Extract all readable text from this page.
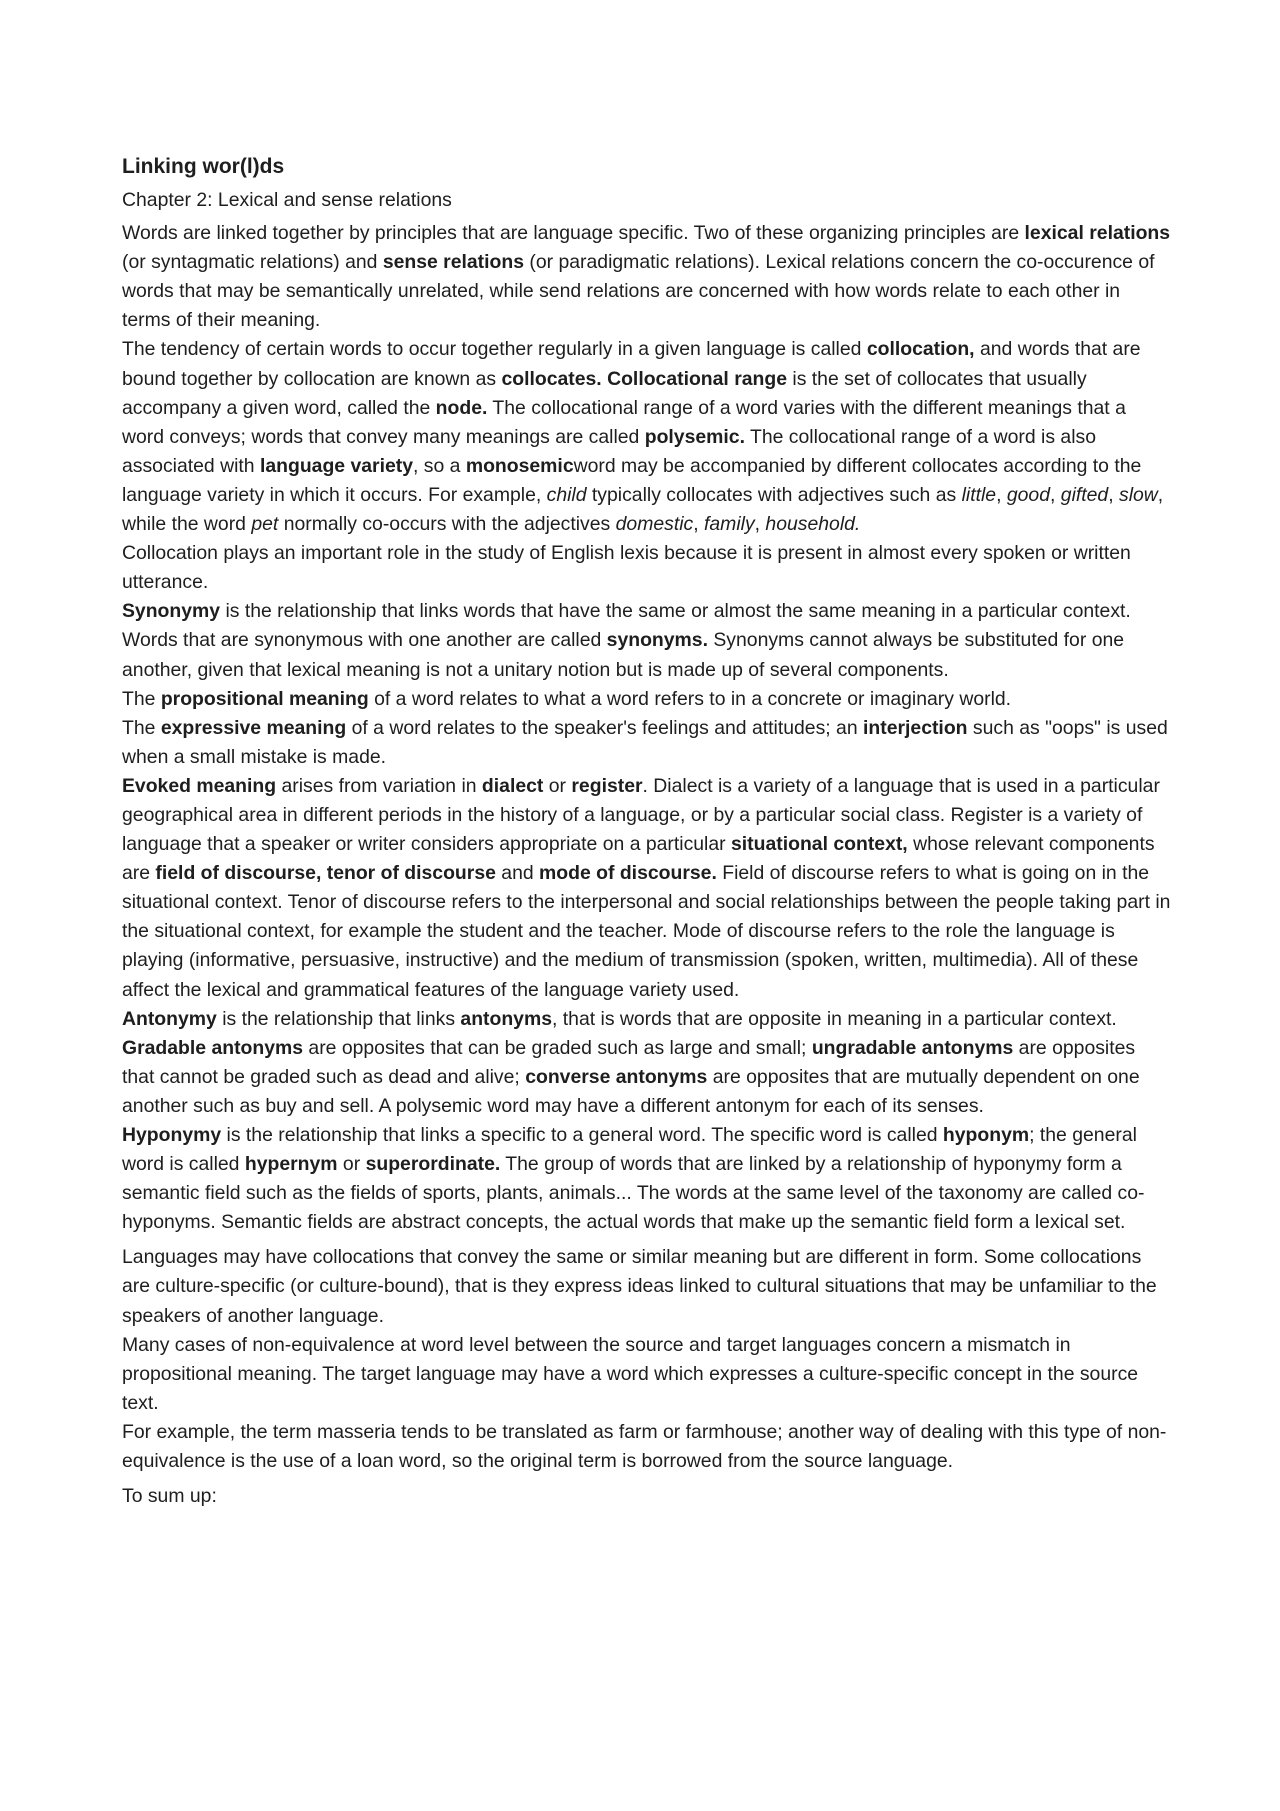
Linking wor(l)ds
Chapter 2: Lexical and sense relations

Words are linked together by principles that are language specific. Two of these organizing principles are lexical relations (or syntagmatic relations) and sense relations (or paradigmatic relations). Lexical relations concern the co-occurence of words that may be semantically unrelated, while send relations are concerned with how words relate to each other in terms of their meaning.

The tendency of certain words to occur together regularly in a given language is called collocation, and words that are bound together by collocation are known as collocates. Collocational range is the set of collocates that usually accompany a given word, called the node. The collocational range of a word varies with the different meanings that a word conveys; words that convey many meanings are called polysemic. The collocational range of a word is also associated with language variety, so a monosemicword may be accompanied by different collocates according to the language variety in which it occurs. For example, child typically collocates with adjectives such as little, good, gifted, slow, while the word pet normally co-occurs with the adjectives domestic, family, household.

Collocation plays an important role in the study of English lexis because it is present in almost every spoken or written utterance.

Synonymy is the relationship that links words that have the same or almost the same meaning in a particular context. Words that are synonymous with one another are called synonyms. Synonyms cannot always be substituted for one another, given that lexical meaning is not a unitary notion but is made up of several components.

The propositional meaning of a word relates to what a word refers to in a concrete or imaginary world.

The expressive meaning of a word relates to the speaker's feelings and attitudes; an interjection such as "oops" is used when a small mistake is made.

Evoked meaning arises from variation in dialect or register. Dialect is a variety of a language that is used in a particular geographical area in different periods in the history of a language, or by a particular social class. Register is a variety of language that a speaker or writer considers appropriate on a particular situational context, whose relevant components are field of discourse, tenor of discourse and mode of discourse. Field of discourse refers to what is going on in the situational context. Tenor of discourse refers to the interpersonal and social relationships between the people taking part in the situational context, for example the student and the teacher. Mode of discourse refers to the role the language is playing (informative, persuasive, instructive) and the medium of transmission (spoken, written, multimedia). All of these affect the lexical and grammatical features of the language variety used.

Antonymy is the relationship that links antonyms, that is words that are opposite in meaning in a particular context. Gradable antonyms are opposites that can be graded such as large and small; ungradable antonyms are opposites that cannot be graded such as dead and alive; converse antonyms are opposites that are mutually dependent on one another such as buy and sell. A polysemic word may have a different antonym for each of its senses.

Hyponymy is the relationship that links a specific to a general word. The specific word is called hyponym; the general word is called hypernym or superordinate. The group of words that are linked by a relationship of hyponymy form a semantic field such as the fields of sports, plants, animals... The words at the same level of the taxonomy are called co-hyponyms. Semantic fields are abstract concepts, the actual words that make up the semantic field form a lexical set.

Languages may have collocations that convey the same or similar meaning but are different in form. Some collocations are culture-specific (or culture-bound), that is they express ideas linked to cultural situations that may be unfamiliar to the speakers of another language.

Many cases of non-equivalence at word level between the source and target languages concern a mismatch in propositional meaning. The target language may have a word which expresses a culture-specific concept in the source text.

For example, the term masseria tends to be translated as farm or farmhouse; another way of dealing with this type of non-equivalence is the use of a loan word, so the original term is borrowed from the source language.

To sum up:
